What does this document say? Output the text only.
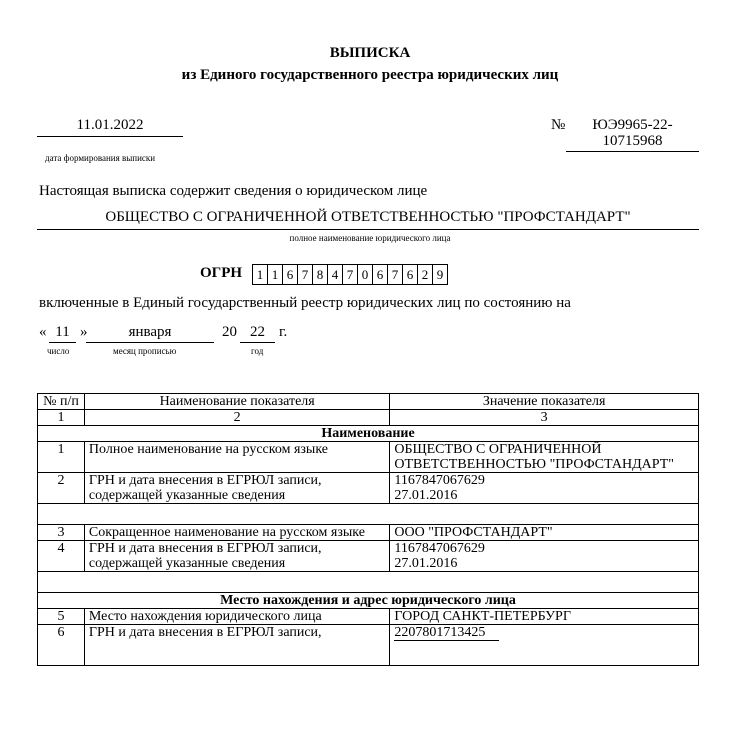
ВЫПИСКА
из Единого государственного реестра юридических лиц
11.01.2022
дата формирования выписки
№	ЮЭ9965-22-
10715968
Настоящая выписка содержит сведения о юридическом лице
ОБЩЕСТВО С ОГРАНИЧЕННОЙ ОТВЕТСТВЕННОСТЬЮ "ПРОФСТАНДАРТ"
полное наименование юридического лица
ОГРН	1 1 6 7 8 4 7 0 6 7 6 2 9
включенные в Единый государственный реестр юридических лиц по состоянию на
« 11 »	января	20 22 г.
число	месяц прописью	год
№ п/п	Наименование показателя	Значение показателя
1	2	3
Наименование		
1	Полное наименование на русском языке	ОБЩЕСТВО С ОГРАНИЧЕННОЙ ОТВЕТСТВЕННОСТЬЮ "ПРОФСТАНДАРТ"
2	ГРН и дата внесения в ЕГРЮЛ записи, содержащей указанные сведения	1167847067629
27.01.2016

3	Сокращенное наименование на русском языке	ООО "ПРОФСТАНДАРТ"
4	ГРН и дата внесения в ЕГРЮЛ записи, содержащей указанные сведения	1167847067629
27.01.2016

Место нахождения и адрес юридического лица		
5	Место нахождения юридического лица	ГОРОД САНКТ-ПЕТЕРБУРГ
6	ГРН и дата внесения в ЕГРЮЛ записи,	2207801713425
